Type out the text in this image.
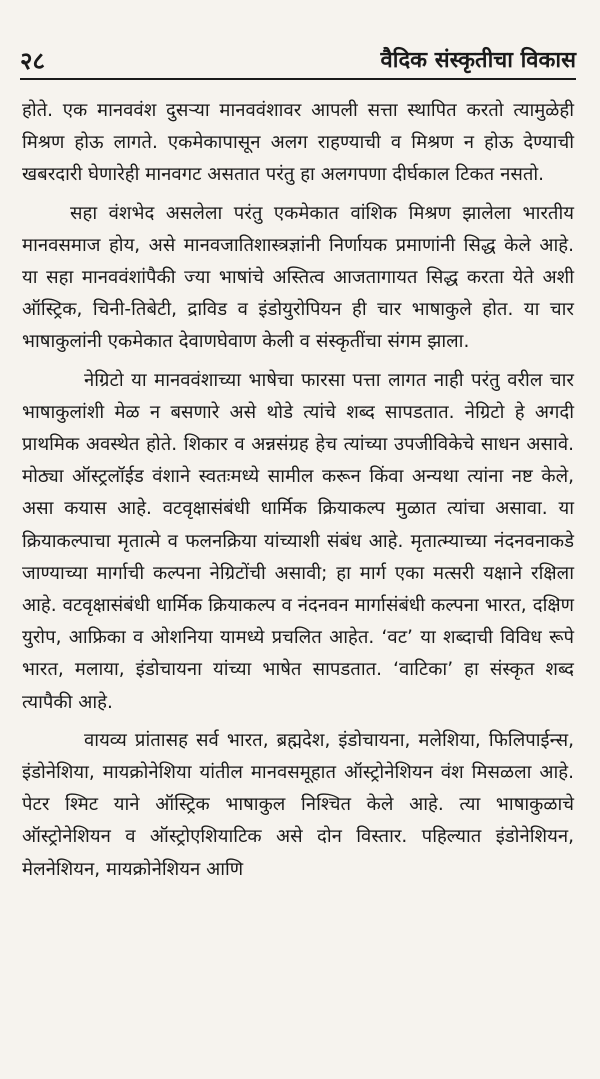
२८	वैदिक संस्कृतीचा विकास

होते. एक मानववंश दुसऱ्या मानववंशावर आपली सत्ता स्थापित करतो त्यामुळेही मिश्रण होऊ लागते. एकमेकापासून अलग राहण्याची व मिश्रण न होऊ देण्याची खबरदारी घेणारेही मानवगट असतात परंतु हा अलगपणा दीर्घकाल टिकत नसतो.

सहा वंशभेद असलेला परंतु एकमेकात वांशिक मिश्रण झालेला भारतीय मानवसमाज होय, असे मानवजातिशास्त्रज्ञांनी निर्णायक प्रमाणांनी सिद्ध केले आहे. या सहा मानववंशांपैकी ज्या भाषांचे अस्तित्व आजतागायत सिद्ध करता येते अशी ऑस्ट्रिक, चिनी-तिबेटी, द्राविड व इंडोयुरोपियन ही चार भाषाकुले होत. या चार भाषाकुलांनी एकमेकात देवाणघेवाण केली व संस्कृतींचा संगम झाला.

नेग्रिटो या मानववंशाच्या भाषेचा फारसा पत्ता लागत नाही परंतु वरील चार भाषाकुलांशी मेळ न बसणारे असे थोडे त्यांचे शब्द सापडतात. नेग्रिटो हे अगदी प्राथमिक अवस्थेत होते. शिकार व अन्नसंग्रह हेच त्यांच्या उपजीविकेचे साधन असावे. मोठ्या ऑस्ट्रलॉईड वंशाने स्वतःमध्ये सामील करून किंवा अन्यथा त्यांना नष्ट केले, असा कयास आहे. वटवृक्षासंबंधी धार्मिक क्रियाकल्प मुळात त्यांचा असावा. या क्रियाकल्पाचा मृतात्मे व फलनक्रिया यांच्याशी संबंध आहे. मृतात्म्याच्या नंदनवनाकडे जाण्याच्या मार्गाची कल्पना नेग्रिटोंची असावी; हा मार्ग एका मत्सरी यक्षाने रक्षिला आहे. वटवृक्षासंबंधी धार्मिक क्रियाकल्प व नंदनवन मार्गासंबंधी कल्पना भारत, दक्षिण युरोप, आफ्रिका व ओशनिया यामध्ये प्रचलित आहेत. ‘वट’ या शब्दाची विविध रूपे भारत, मलाया, इंडोचायना यांच्या भाषेत सापडतात. ‘वाटिका’ हा संस्कृत शब्द त्यापैकी आहे.

वायव्य प्रांतासह सर्व भारत, ब्रह्मदेश, इंडोचायना, मलेशिया, फिलिपाईन्स, इंडोनेशिया, मायक्रोनेशिया यांतील मानवसमूहात ऑस्ट्रोनेशियन वंश मिसळला आहे. पेटर श्मिट याने ऑस्ट्रिक भाषाकुल निश्चित केले आहे. त्या भाषाकुळाचे ऑस्ट्रोनेशियन व ऑस्ट्रोएशियाटिक असे दोन विस्तार. पहिल्यात इंडोनेशियन, मेलनेशियन, मायक्रोनेशियन आणि
